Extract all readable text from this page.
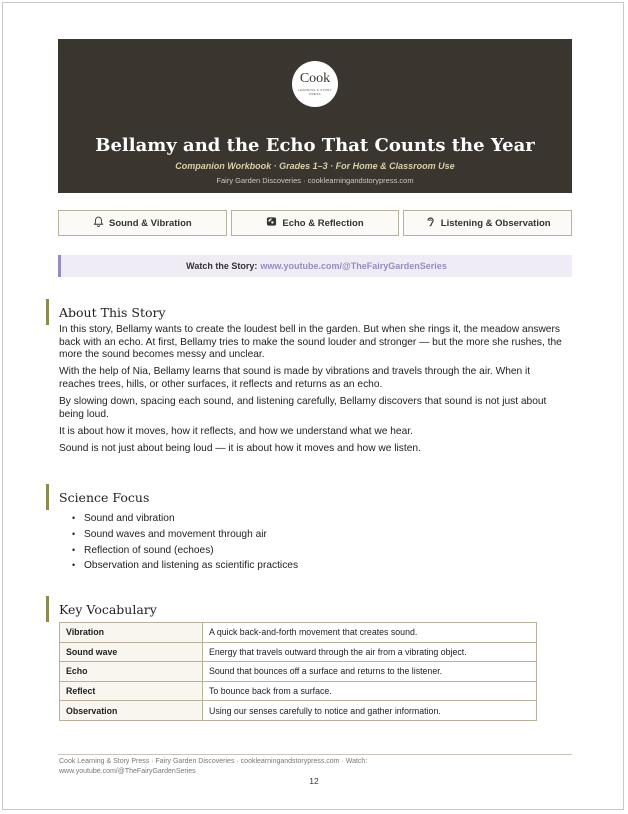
Cook
LEARNING & STORY PRESS
Bellamy and the Echo That Counts the Year
Companion Workbook · Grades 1–3 · For Home & Classroom Use
Fairy Garden Discoveries · cooklearningandstorypress.com
Sound & Vibration	Echo & Reflection	Listening & Observation
Watch the Story: www.youtube.com/@TheFairyGardenSeries
About This Story

In this story, Bellamy wants to create the loudest bell in the garden. But when she rings it, the meadow answers back with an echo. At first, Bellamy tries to make the sound louder and stronger — but the more she rushes, the more the sound becomes messy and unclear.

With the help of Nia, Bellamy learns that sound is made by vibrations and travels through the air. When it reaches trees, hills, or other surfaces, it reflects and returns as an echo.

By slowing down, spacing each sound, and listening carefully, Bellamy discovers that sound is not just about being loud.

It is about how it moves, how it reflects, and how we understand what we hear.

Sound is not just about being loud — it is about how it moves and how we listen.

Science Focus
• Sound and vibration
• Sound waves and movement through air
• Reflection of sound (echoes)
• Observation and listening as scientific practices
Key Vocabulary
Vibration	A quick back-and-forth movement that creates sound.
Sound wave	Energy that travels outward through the air from a vibrating object.
Echo	Sound that bounces off a surface and returns to the listener.
Reflect	To bounce back from a surface.
Observation	Using our senses carefully to notice and gather information.
Cook Learning & Story Press · Fairy Garden Discoveries · cooklearningandstorypress.com · Watch: www.youtube.com/@TheFairyGardenSeries
12
